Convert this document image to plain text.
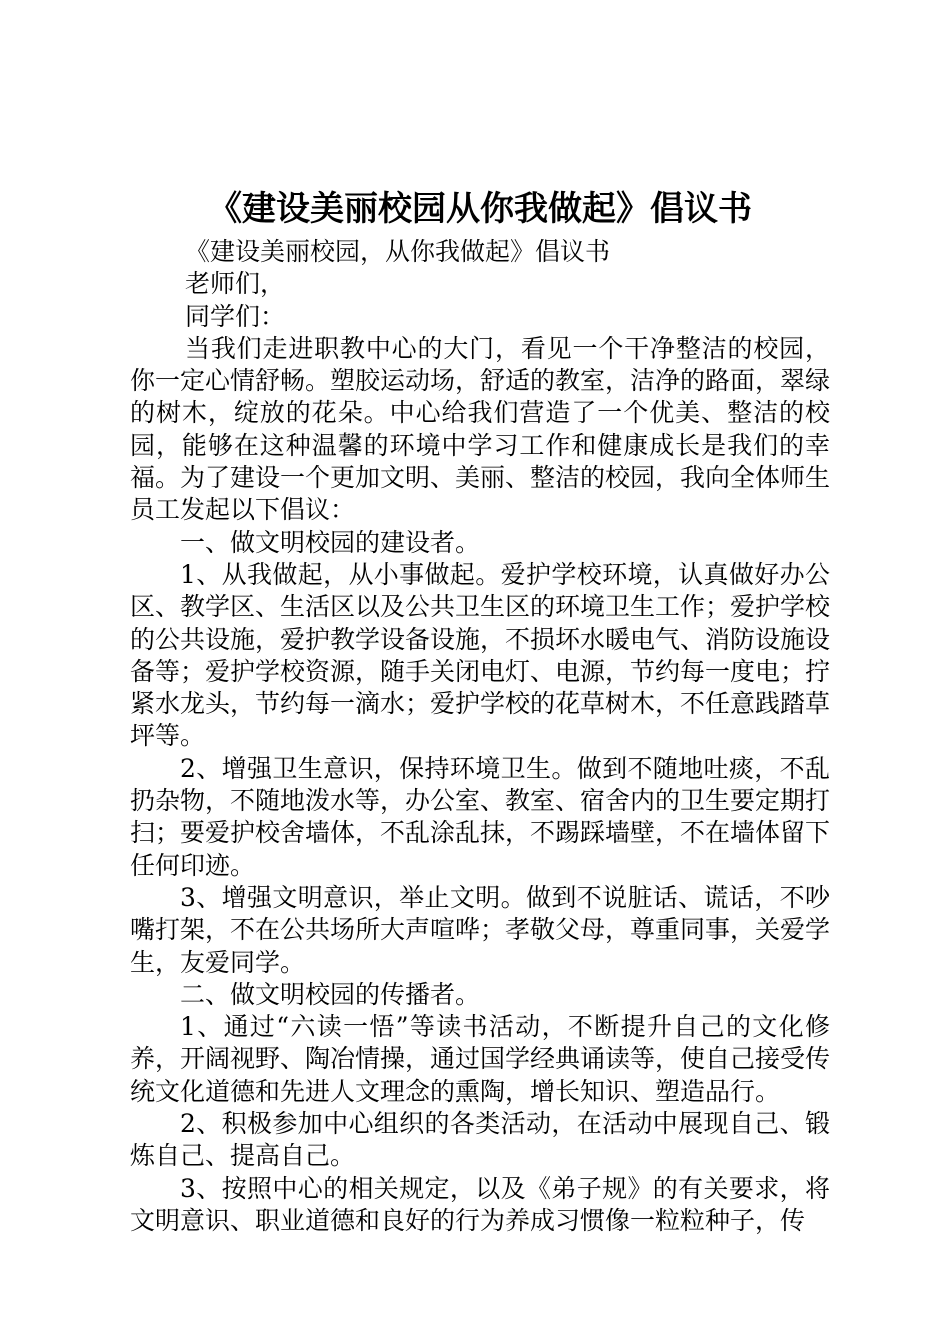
《建设美丽校园从你我做起》倡议书

《建设美丽校园，从你我做起》倡议书

老师们，

同学们：

当我们走进职教中心的大门，看见一个干净整洁的校园，你一定心情舒畅。塑胶运动场，舒适的教室，洁净的路面，翠绿的树木，绽放的花朵。中心给我们营造了一个优美、整洁的校园，能够在这种温馨的环境中学习工作和健康成长是我们的幸福。为了建设一个更加文明、美丽、整洁的校园，我向全体师生员工发起以下倡议：

一、做文明校园的建设者。

1、从我做起，从小事做起。爱护学校环境，认真做好办公区、教学区、生活区以及公共卫生区的环境卫生工作；爱护学校的公共设施，爱护教学设备设施，不损坏水暖电气、消防设施设备等；爱护学校资源，随手关闭电灯、电源，节约每一度电；拧紧水龙头，节约每一滴水；爱护学校的花草树木，不任意践踏草坪等。

2、增强卫生意识，保持环境卫生。做到不随地吐痰，不乱扔杂物，不随地泼水等，办公室、教室、宿舍内的卫生要定期打扫；要爱护校舍墙体，不乱涂乱抹，不踢踩墙壁，不在墙体留下任何印迹。

3、增强文明意识，举止文明。做到不说脏话、谎话，不吵嘴打架，不在公共场所大声喧哗；孝敬父母，尊重同事，关爱学生，友爱同学。

二、做文明校园的传播者。

1、通过“六读一悟”等读书活动，不断提升自己的文化修养，开阔视野、陶冶情操，通过国学经典诵读等，使自己接受传统文化道德和先进人文理念的熏陶，增长知识、塑造品行。

2、积极参加中心组织的各类活动，在活动中展现自己、锻炼自己、提高自己。

3、按照中心的相关规定，以及《弟子规》的有关要求，将文明意识、职业道德和良好的行为养成习惯像一粒粒种子，传
